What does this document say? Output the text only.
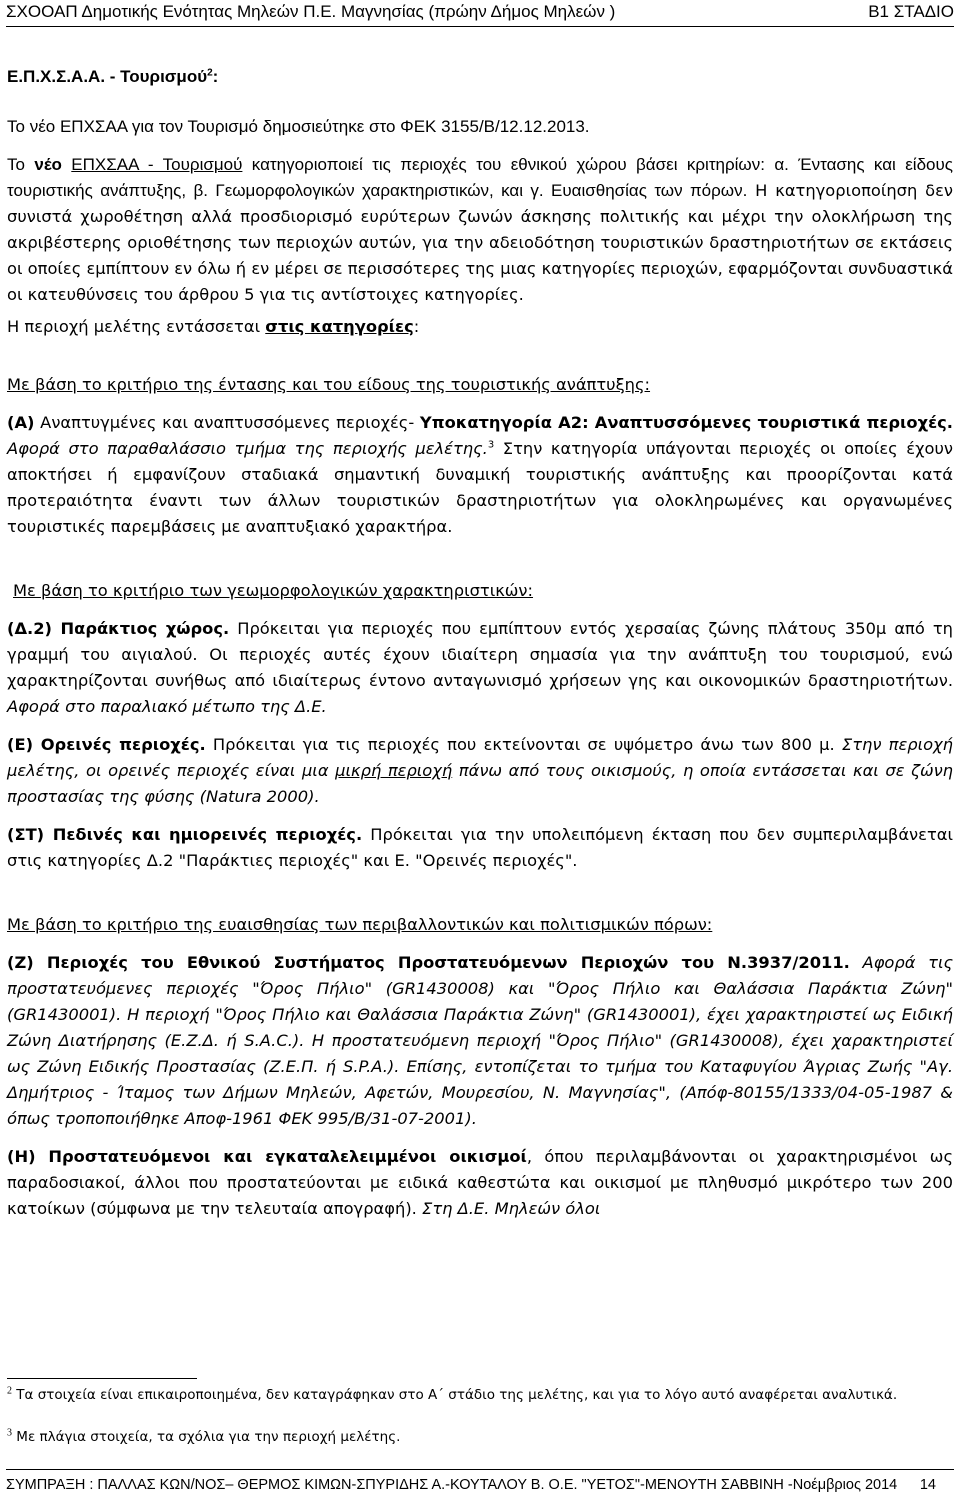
ΣΧΟΟΑΠ Δημοτικής Ενότητας Μηλεών Π.Ε. Μαγνησίας (πρώην Δήμος Μηλεών )	Β1 ΣΤΑΔΙΟ

Ε.Π.Χ.Σ.Α.Α. - Τουρισμού$^2$:

Το νέο ΕΠΧΣΑΑ για τον Τουρισμό δημοσιεύτηκε στο ΦΕΚ 3155/Β/12.12.2013.

Το νέο ΕΠΧΣΑΑ - Τουρισμού κατηγοριοποιεί τις περιοχές του εθνικού χώρου βάσει κριτηρίων: α. Έντασης και είδους τουριστικής ανάπτυξης, β. Γεωμορφολογικών χαρακτηριστικών, και γ. Ευαισθησίας των πόρων. Η κατηγοριοποίηση δεν συνιστά χωροθέτηση αλλά προσδιορισμό ευρύτερων ζωνών άσκησης πολιτικής και μέχρι την ολοκλήρωση της ακριβέστερης οριοθέτησης των περιοχών αυτών, για την αδειοδότηση τουριστικών δραστηριοτήτων σε εκτάσεις οι οποίες εμπίπτουν εν όλω ή εν μέρει σε περισσότερες της μιας κατηγορίες περιοχών, εφαρμόζονται συνδυαστικά οι κατευθύνσεις του άρθρου 5 για τις αντίστοιχες κατηγορίες.

Η περιοχή μελέτης εντάσσεται στις κατηγορίες:

Με βάση το κριτήριο της έντασης και του είδους της τουριστικής ανάπτυξης:

(Α) Αναπτυγμένες και αναπτυσσόμενες περιοχές- Υποκατηγορία Α2: Αναπτυσσόμενες τουριστικά περιοχές. Αφορά στο παραθαλάσσιο τμήμα της περιοχής μελέτης.$^3$ Στην κατηγορία υπάγονται περιοχές οι οποίες έχουν αποκτήσει ή εμφανίζουν σταδιακά σημαντική δυναμική τουριστικής ανάπτυξης και προορίζονται κατά προτεραιότητα έναντι των άλλων τουριστικών δραστηριοτήτων για ολοκληρωμένες και οργανωμένες τουριστικές παρεμβάσεις με αναπτυξιακό χαρακτήρα.

Με βάση το κριτήριο των γεωμορφολογικών χαρακτηριστικών:

(Δ.2) Παράκτιος χώρος. Πρόκειται για περιοχές που εμπίπτουν εντός χερσαίας ζώνης πλάτους 350μ από τη γραμμή του αιγιαλού. Οι περιοχές αυτές έχουν ιδιαίτερη σημασία για την ανάπτυξη του τουρισμού, ενώ χαρακτηρίζονται συνήθως από ιδιαίτερως έντονο ανταγωνισμό χρήσεων γης και οικονομικών δραστηριοτήτων. Αφορά στο παραλιακό μέτωπο της Δ.Ε.

(Ε) Ορεινές περιοχές. Πρόκειται για τις περιοχές που εκτείνονται σε υψόμετρο άνω των 800 μ. Στην περιοχή μελέτης, οι ορεινές περιοχές είναι μια μικρή περιοχή πάνω από τους οικισμούς, η οποία εντάσσεται και σε ζώνη προστασίας της φύσης (Natura 2000).

(ΣΤ) Πεδινές και ημιορεινές περιοχές. Πρόκειται για την υπολειπόμενη έκταση που δεν συμπεριλαμβάνεται στις κατηγορίες Δ.2 "Παράκτιες περιοχές" και Ε. "Ορεινές περιοχές".

Με βάση το κριτήριο της ευαισθησίας των περιβαλλοντικών και πολιτισμικών πόρων:

(Ζ) Περιοχές του Εθνικού Συστήματος Προστατευόμενων Περιοχών του Ν.3937/2011. Αφορά τις προστατευόμενες περιοχές "Όρος Πήλιο" (GR1430008) και "Όρος Πήλιο και Θαλάσσια Παράκτια Ζώνη" (GR1430001). Η περιοχή "Όρος Πήλιο και Θαλάσσια Παράκτια Ζώνη" (GR1430001), έχει χαρακτηριστεί ως Ειδική Ζώνη Διατήρησης (Ε.Ζ.Δ. ή S.A.C.). Η προστατευόμενη περιοχή "Όρος Πήλιο" (GR1430008), έχει χαρακτηριστεί ως Ζώνη Ειδικής Προστασίας (Ζ.Ε.Π. ή S.P.A.). Επίσης, εντοπίζεται το τμήμα του Καταφυγίου Άγριας Ζωής "Αγ. Δημήτριος - Ίταμος των Δήμων Μηλεών, Αφετών, Μουρεσίου, Ν. Μαγνησίας", (Απόφ-80155/1333/04-05-1987 & όπως τροποποιήθηκε Αποφ-1961 ΦΕΚ 995/Β/31-07-2001).

(Η) Προστατευόμενοι και εγκαταλελειμμένοι οικισμοί, όπου περιλαμβάνονται οι χαρακτηρισμένοι ως παραδοσιακοί, άλλοι που προστατεύονται με ειδικά καθεστώτα και οικισμοί με πληθυσμό μικρότερο των 200 κατοίκων (σύμφωνα με την τελευταία απογραφή). Στη Δ.Ε. Μηλεών όλοι

$^2$ Τα στοιχεία είναι επικαιροποιημένα, δεν καταγράφηκαν στο Α΄ στάδιο της μελέτης, και για το λόγο αυτό αναφέρεται αναλυτικά.

$^3$ Με πλάγια στοιχεία, τα σχόλια για την περιοχή μελέτης.

ΣΥΜΠΡΑΞΗ : ΠΑΛΛΑΣ ΚΩΝ/ΝΟΣ– ΘΕΡΜΟΣ ΚΙΜΩΝ-ΣΠΥΡΙΔΗΣ Α.-ΚΟΥΤΑΛΟΥ Β. Ο.Ε. "ΥΕΤΟΣ"-ΜΕΝΟΥΤΗ ΣΑΒΒΙΝΗ -Νοέμβριος 2014 14
